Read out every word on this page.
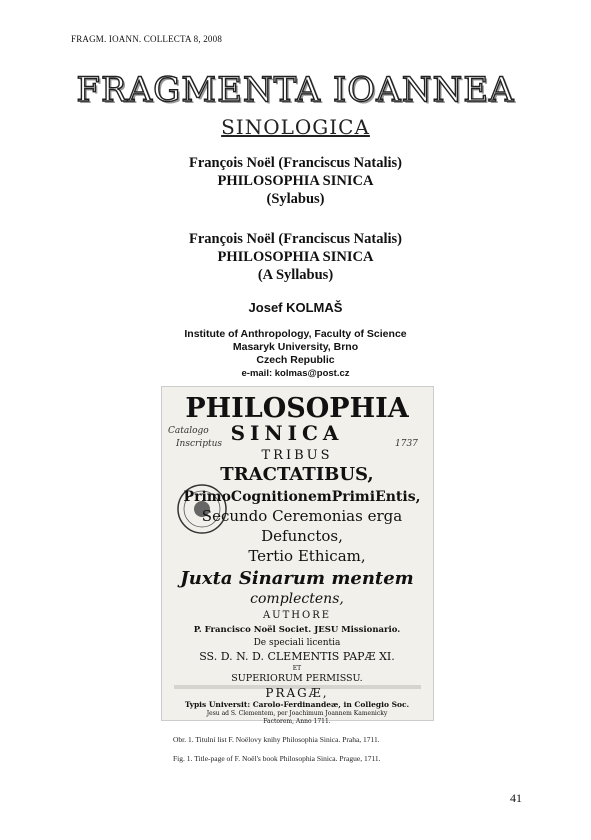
FRAGM. IOANN. COLLECTA 8, 2008
FRAGMENTA IOANNEA
SINOLOGICA
François Noël (Franciscus Natalis)
PHILOSOPHIA SINICA
(Sylabus)
François Noël (Franciscus Natalis)
PHILOSOPHIA SINICA
(A Syllabus)
Josef KOLMAŠ
Institute of Anthropology, Faculty of Science
Masaryk University, Brno
Czech Republic
e-mail: kolmas@post.cz
PHILOSOPHIA
SINICA
TRIBUS
TRACTATIBUS,
PrimoCognitionemPrimiEntis,
Secundo Ceremonias erga
Defunctos,
Tertio Ethicam,
Juxta Sinarum mentem
complectens,
AUTHORE
P. Francisco Noël Societ. JESU Missionario.
De speciali licentia
SS. D. N. D. CLEMENTIS PAPÆ XI.
ET
SUPERIORUM PERMISSU.
PRAGÆ,
Typis Universit: Carolo-Ferdinandeæ, in Collegio Soc.
Jesu ad S. Clementem, per Joachimum Joannem Kamenicky
Factorem, Anno 1711.
Catalogo
Inscriptus	1737
Obr. 1. Titulní list F. Noëlovy knihy Philosophia Sinica. Praha, 1711.
Fig. 1. Title-page of F. Noël's book Philosophia Sinica. Prague, 1711.
41
